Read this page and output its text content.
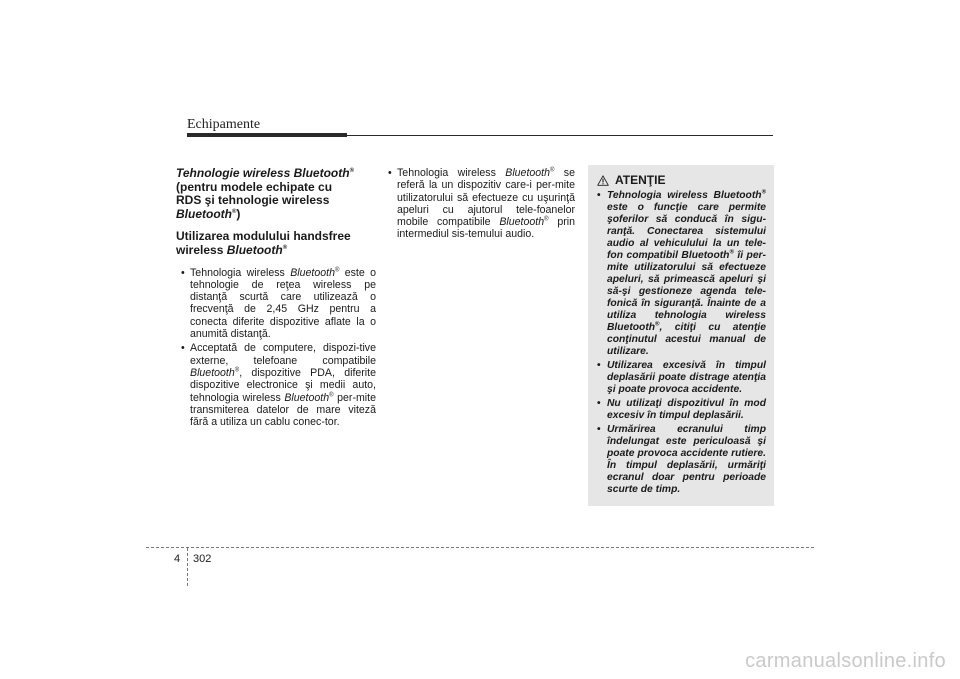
Echipamente

Tehnologie wireless Bluetooth®
(pentru modele echipate cu
RDS şi tehnologie wireless
Bluetooth®)

Utilizarea modulului handsfree
wireless Bluetooth®

• Tehnologia wireless Bluetooth® este o tehnologie de reţea wireless pe distanţă scurtă care utilizează o frecvenţă de 2,45 GHz pentru a conecta diferite dispozitive aflate la o anumită distanţă.
• Acceptată de computere, dispozi-tive externe, telefoane compatibile Bluetooth®, dispozitive PDA, diferite dispozitive electronice şi medii auto, tehnologia wireless Bluetooth® per-mite transmiterea datelor de mare viteză fără a utiliza un cablu conec-tor.
• Tehnologia wireless Bluetooth® se referă la un dispozitiv care-i per-mite utilizatorului să efectueze cu uşurinţă apeluri cu ajutorul tele-foanelor mobile compatibile Bluetooth® prin intermediul sis-temului audio.
ATENŢIE
• Tehnologia wireless Bluetooth® este o funcţie care permite şoferilor să conducă în sigu-ranţă. Conectarea sistemului audio al vehiculului la un tele-fon compatibil Bluetooth® îi per-mite utilizatorului să efectueze apeluri, să primească apeluri şi să-şi gestioneze agenda tele-fonică în siguranţă. Înainte de a utiliza tehnologia wireless Bluetooth®, citiţi cu atenţie conţinutul acestui manual de utilizare.
• Utilizarea excesivă în timpul deplasării poate distrage atenţia şi poate provoca accidente.
• Nu utilizaţi dispozitivul în mod excesiv în timpul deplasării.
• Urmărirea ecranului timp îndelungat este periculoasă şi poate provoca accidente rutiere. În timpul deplasării, urmăriţi ecranul doar pentru perioade scurte de timp.
4 302
carmanualsonline.info
